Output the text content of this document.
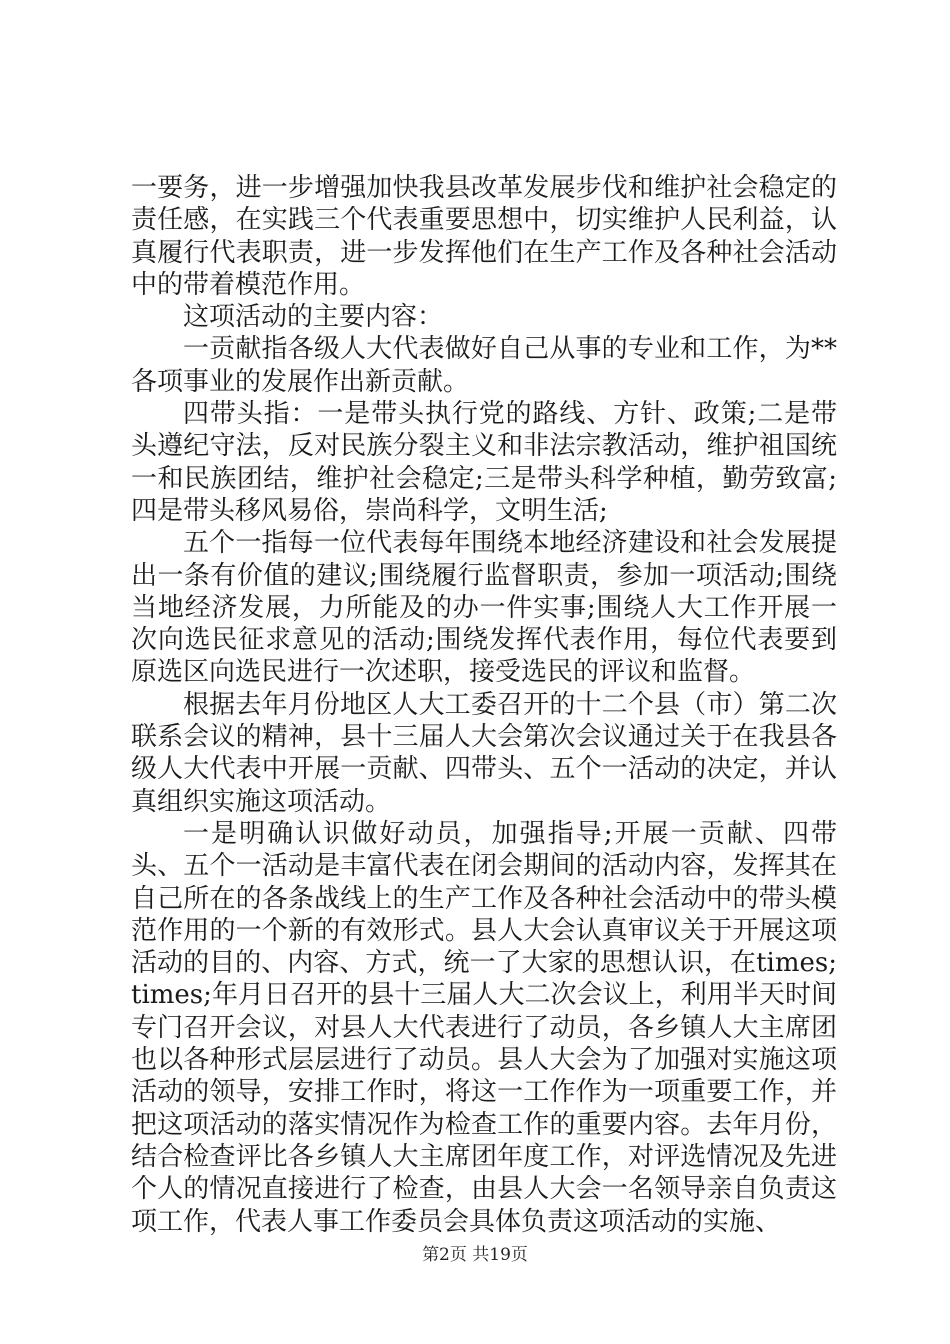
一要务，进一步增强加快我县改革发展步伐和维护社会稳定的责任感，在实践三个代表重要思想中，切实维护人民利益，认真履行代表职责，进一步发挥他们在生产工作及各种社会活动中的带着模范作用。

这项活动的主要内容：

一贡献指各级人大代表做好自己从事的专业和工作，为**各项事业的发展作出新贡献。

四带头指：一是带头执行党的路线、方针、政策;二是带头遵纪守法，反对民族分裂主义和非法宗教活动，维护祖国统一和民族团结，维护社会稳定;三是带头科学种植，勤劳致富;四是带头移风易俗，崇尚科学，文明生活;

五个一指每一位代表每年围绕本地经济建设和社会发展提出一条有价值的建议;围绕履行监督职责，参加一项活动;围绕当地经济发展，力所能及的办一件实事;围绕人大工作开展一次向选民征求意见的活动;围绕发挥代表作用，每位代表要到原选区向选民进行一次述职，接受选民的评议和监督。

根据去年月份地区人大工委召开的十二个县（市）第二次联系会议的精神，县十三届人大会第次会议通过关于在我县各级人大代表中开展一贡献、四带头、五个一活动的决定，并认真组织实施这项活动。

一是明确认识做好动员，加强指导;开展一贡献、四带头、五个一活动是丰富代表在闭会期间的活动内容，发挥其在自己所在的各条战线上的生产工作及各种社会活动中的带头模范作用的一个新的有效形式。县人大会认真审议关于开展这项活动的目的、内容、方式，统一了大家的思想认识，在times;times;年月日召开的县十三届人大二次会议上，利用半天时间专门召开会议，对县人大代表进行了动员，各乡镇人大主席团也以各种形式层层进行了动员。县人大会为了加强对实施这项活动的领导，安排工作时，将这一工作作为一项重要工作，并把这项活动的落实情况作为检查工作的重要内容。去年月份，结合检查评比各乡镇人大主席团年度工作，对评选情况及先进个人的情况直接进行了检查，由县人大会一名领导亲自负责这项工作，代表人事工作委员会具体负责这项活动的实施、

第2页 共19页
